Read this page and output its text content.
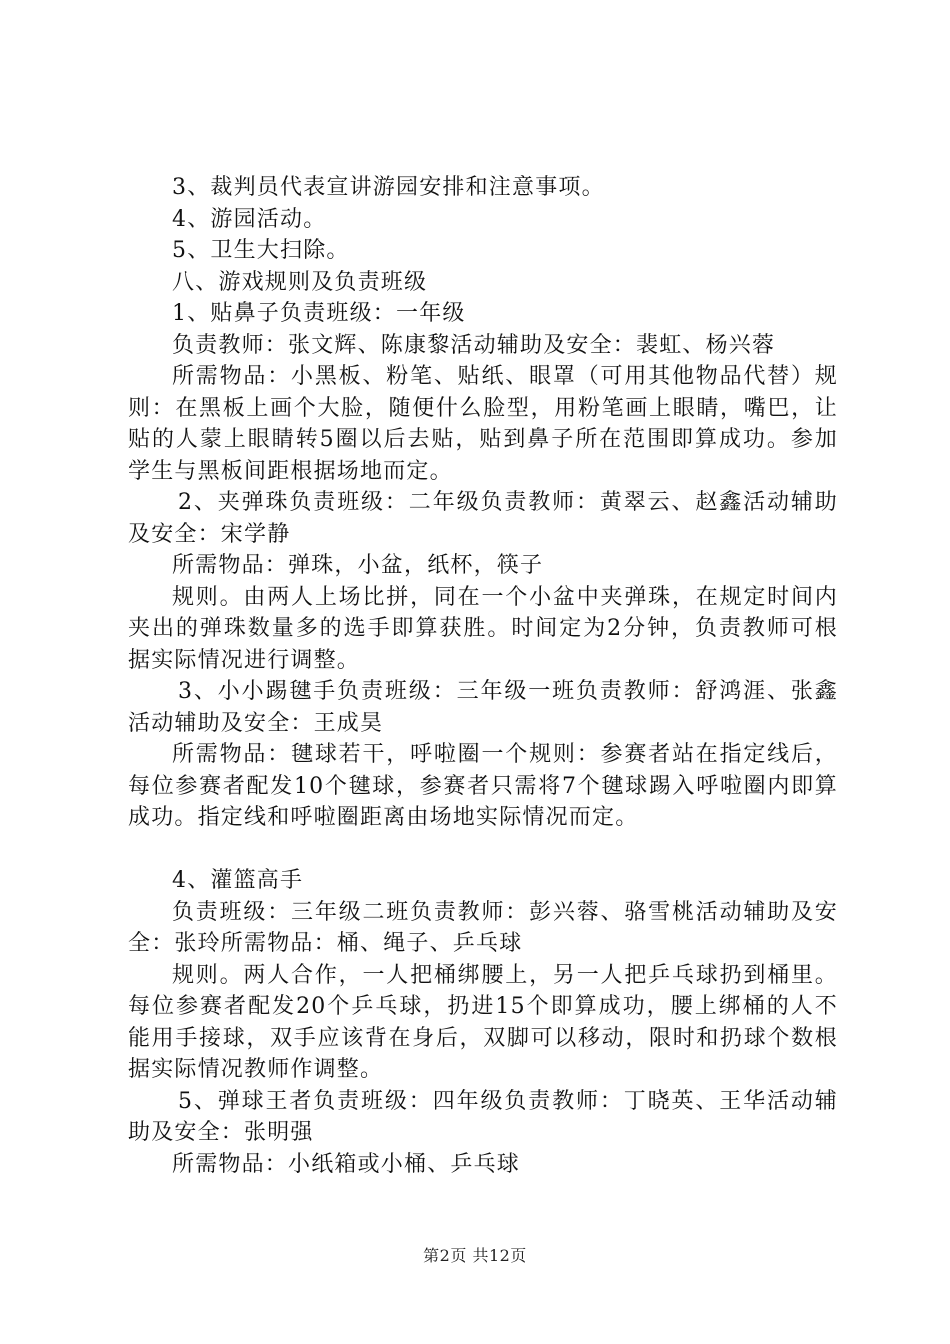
3、裁判员代表宣讲游园安排和注意事项。

4、游园活动。

5、卫生大扫除。

八、游戏规则及负责班级

1、贴鼻子负责班级：一年级

负责教师：张文辉、陈康黎活动辅助及安全：裴虹、杨兴蓉

所需物品：小黑板、粉笔、贴纸、眼罩（可用其他物品代替）规则：在黑板上画个大脸，随便什么脸型，用粉笔画上眼睛，嘴巴，让贴的人蒙上眼睛转5圈以后去贴，贴到鼻子所在范围即算成功。参加学生与黑板间距根据场地而定。

2、夹弹珠负责班级：二年级负责教师：黄翠云、赵鑫活动辅助及安全：宋学静

所需物品：弹珠，小盆，纸杯，筷子

规则。由两人上场比拼，同在一个小盆中夹弹珠，在规定时间内夹出的弹珠数量多的选手即算获胜。时间定为2分钟，负责教师可根据实际情况进行调整。

3、小小踢毽手负责班级：三年级一班负责教师：舒鸿涯、张鑫活动辅助及安全：王成昊

所需物品：毽球若干，呼啦圈一个规则：参赛者站在指定线后，每位参赛者配发10个毽球，参赛者只需将7个毽球踢入呼啦圈内即算成功。指定线和呼啦圈距离由场地实际情况而定。

4、灌篮高手

负责班级：三年级二班负责教师：彭兴蓉、骆雪桃活动辅助及安全：张玲所需物品：桶、绳子、乒乓球

规则。两人合作，一人把桶绑腰上，另一人把乒乓球扔到桶里。每位参赛者配发20个乒乓球，扔进15个即算成功，腰上绑桶的人不能用手接球，双手应该背在身后，双脚可以移动，限时和扔球个数根据实际情况教师作调整。

5、弹球王者负责班级：四年级负责教师：丁晓英、王华活动辅助及安全：张明强

所需物品：小纸箱或小桶、乒乓球

第2页 共12页
